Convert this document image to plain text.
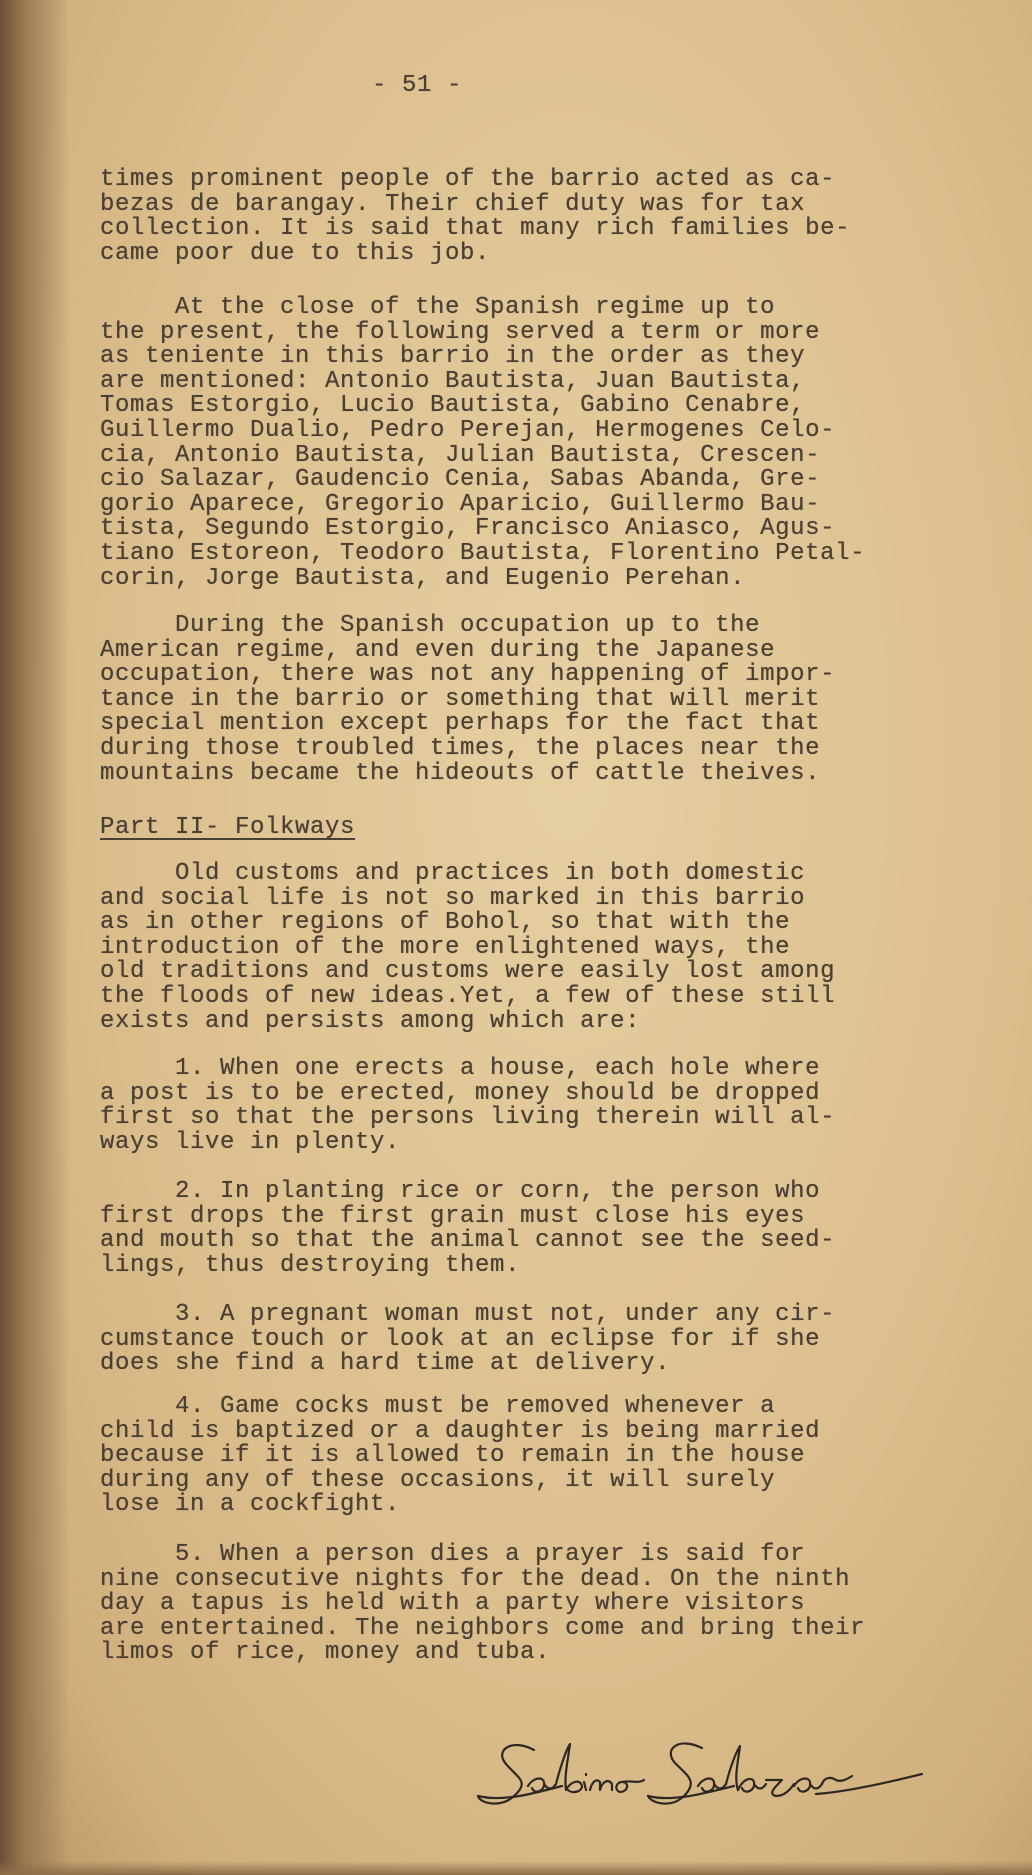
- 51 -

times prominent people of the barrio acted as ca-
bezas de barangay. Their chief duty was for tax
collection. It is said that many rich families be-
came poor due to this job.

At the close of the Spanish regime up to
the present, the following served a term or more
as teniente in this barrio in the order as they
are mentioned: Antonio Bautista, Juan Bautista,
Tomas Estorgio, Lucio Bautista, Gabino Cenabre,
Guillermo Dualio, Pedro Perejan, Hermogenes Celo-
cia, Antonio Bautista, Julian Bautista, Crescen-
cio Salazar, Gaudencio Cenia, Sabas Abanda, Gre-
gorio Aparece, Gregorio Aparicio, Guillermo Bau-
tista, Segundo Estorgio, Francisco Aniasco, Agus-
tiano Estoreon, Teodoro Bautista, Florentino Petal-
corin, Jorge Bautista, and Eugenio Perehan.

During the Spanish occupation up to the
American regime, and even during the Japanese
occupation, there was not any happening of impor-
tance in the barrio or something that will merit
special mention except perhaps for the fact that
during those troubled times, the places near the
mountains became the hideouts of cattle theives.

Part II- Folkways

Old customs and practices in both domestic
and social life is not so marked in this barrio
as in other regions of Bohol, so that with the
introduction of the more enlightened ways, the
old traditions and customs were easily lost among
the floods of new ideas.Yet, a few of these still
exists and persists among which are:

1. When one erects a house, each hole where
a post is to be erected, money should be dropped
first so that the persons living therein will al-
ways live in plenty.

2. In planting rice or corn, the person who
first drops the first grain must close his eyes
and mouth so that the animal cannot see the seed-
lings, thus destroying them.

3. A pregnant woman must not, under any cir-
cumstance touch or look at an eclipse for if she
does she find a hard time at delivery.

4. Game cocks must be removed whenever a
child is baptized or a daughter is being married
because if it is allowed to remain in the house
during any of these occasions, it will surely
lose in a cockfight.

5. When a person dies a prayer is said for
nine consecutive nights for the dead. On the ninth
day a tapus is held with a party where visitors
are entertained. The neighbors come and bring their
limos of rice, money and tuba.
